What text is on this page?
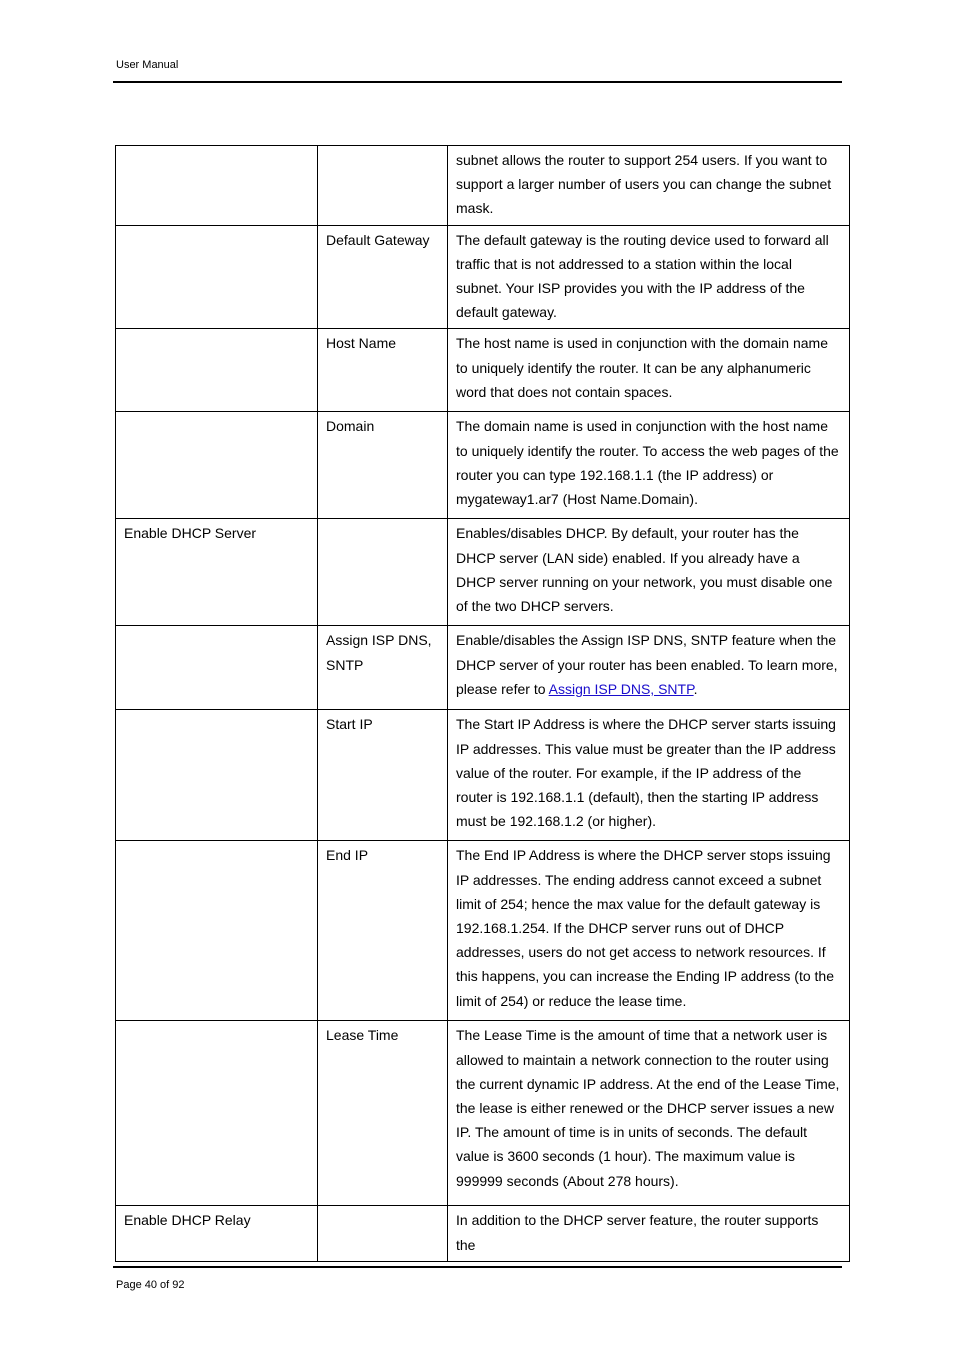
User Manual
		subnet allows the router to support 254 users. If you want to support a larger number of users you can change the subnet mask.
	Default Gateway	The default gateway is the routing device used to forward all traffic that is not addressed to a station within the local subnet. Your ISP provides you with the IP address of the default gateway.
	Host Name	The host name is used in conjunction with the domain name to uniquely identify the router. It can be any alphanumeric word that does not contain spaces.
	Domain	The domain name is used in conjunction with the host name to uniquely identify the router. To access the web pages of the router you can type 192.168.1.1 (the IP address) or mygateway1.ar7 (Host Name.Domain).
Enable DHCP Server		Enables/disables DHCP. By default, your router has the DHCP server (LAN side) enabled. If you already have a DHCP server running on your network, you must disable one of the two DHCP servers.
	Assign ISP DNS, SNTP	Enable/disables the Assign ISP DNS, SNTP feature when the DHCP server of your router has been enabled. To learn more, please refer to Assign ISP DNS, SNTP.
	Start IP	The Start IP Address is where the DHCP server starts issuing IP addresses. This value must be greater than the IP address value of the router. For example, if the IP address of the router is 192.168.1.1 (default), then the starting IP address must be 192.168.1.2 (or higher).
	End IP	The End IP Address is where the DHCP server stops issuing IP addresses. The ending address cannot exceed a subnet limit of 254; hence the max value for the default gateway is 192.168.1.254. If the DHCP server runs out of DHCP addresses, users do not get access to network resources. If this happens, you can increase the Ending IP address (to the limit of 254) or reduce the lease time.
	Lease Time	The Lease Time is the amount of time that a network user is allowed to maintain a network connection to the router using the current dynamic IP address. At the end of the Lease Time, the lease is either renewed or the DHCP server issues a new IP. The amount of time is in units of seconds. The default value is 3600 seconds (1 hour). The maximum value is 999999 seconds (About 278 hours).
Enable DHCP Relay		In addition to the DHCP server feature, the router supports the
Page 40 of 92
